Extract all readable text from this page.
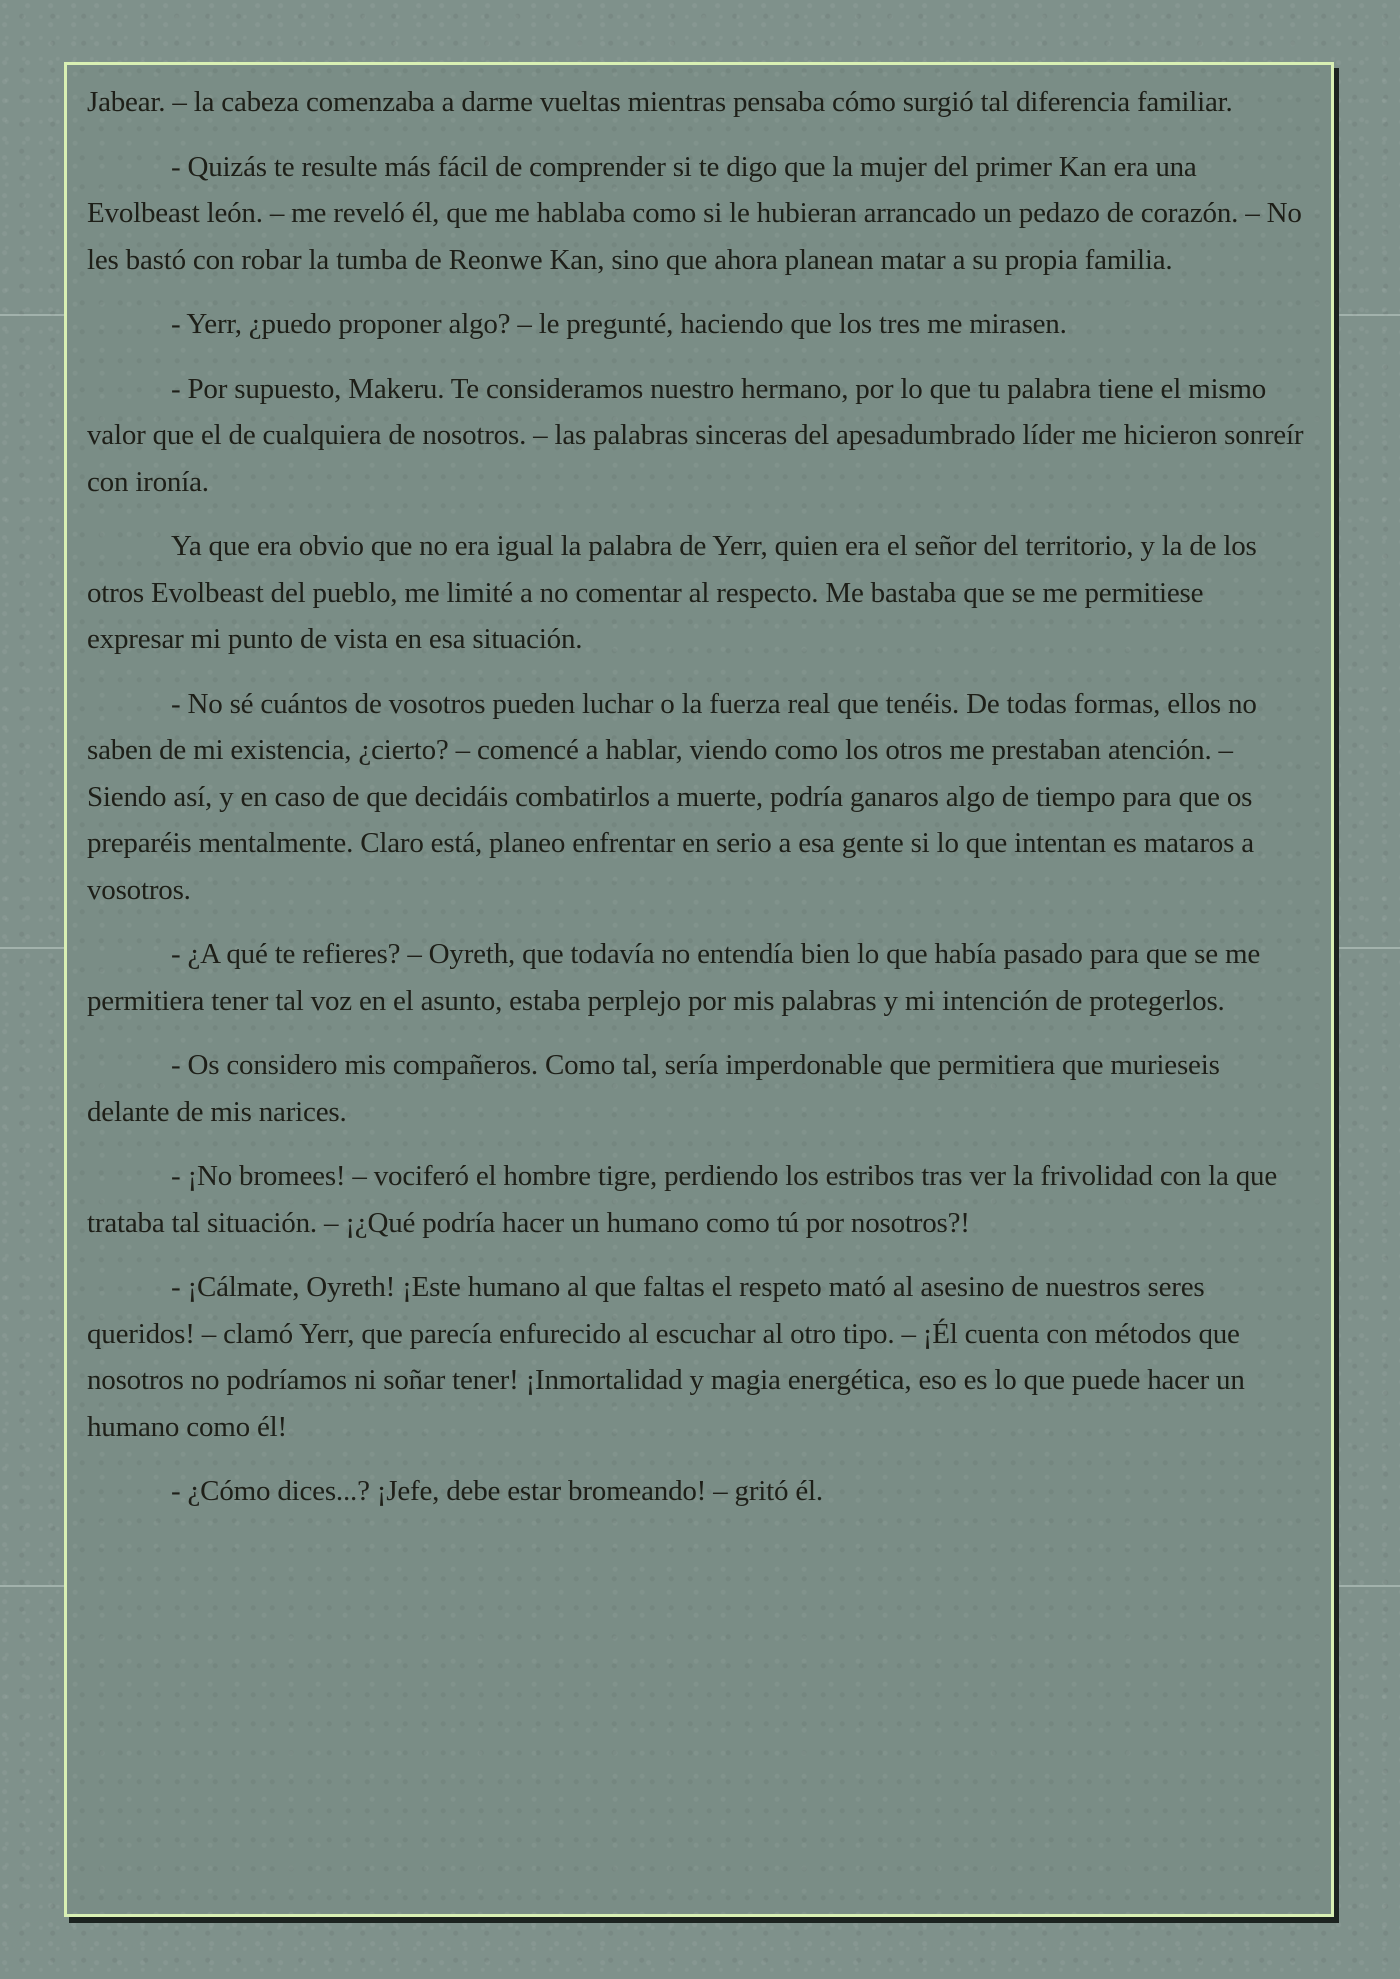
Jabear. – la cabeza comenzaba a darme vueltas mientras pensaba cómo surgió tal diferencia familiar.

- Quizás te resulte más fácil de comprender si te digo que la mujer del primer Kan era una Evolbeast león. – me reveló él, que me hablaba como si le hubieran arrancado un pedazo de corazón. – No les bastó con robar la tumba de Reonwe Kan, sino que ahora planean matar a su propia familia.

- Yerr, ¿puedo proponer algo? – le pregunté, haciendo que los tres me mirasen.

- Por supuesto, Makeru. Te consideramos nuestro hermano, por lo que tu palabra tiene el mismo valor que el de cualquiera de nosotros. – las palabras sinceras del apesadumbrado líder me hicieron sonreír con ironía.

Ya que era obvio que no era igual la palabra de Yerr, quien era el señor del territorio, y la de los otros Evolbeast del pueblo, me limité a no comentar al respecto. Me bastaba que se me permitiese expresar mi punto de vista en esa situación.

- No sé cuántos de vosotros pueden luchar o la fuerza real que tenéis. De todas formas, ellos no saben de mi existencia, ¿cierto? – comencé a hablar, viendo como los otros me prestaban atención. – Siendo así, y en caso de que decidáis combatirlos a muerte, podría ganaros algo de tiempo para que os preparéis mentalmente. Claro está, planeo enfrentar en serio a esa gente si lo que intentan es mataros a vosotros.

- ¿A qué te refieres? – Oyreth, que todavía no entendía bien lo que había pasado para que se me permitiera tener tal voz en el asunto, estaba perplejo por mis palabras y mi intención de protegerlos.

- Os considero mis compañeros. Como tal, sería imperdonable que permitiera que murieseis delante de mis narices.

- ¡No bromees! – vociferó el hombre tigre, perdiendo los estribos tras ver la frivolidad con la que trataba tal situación. – ¡¿Qué podría hacer un humano como tú por nosotros?!

- ¡Cálmate, Oyreth! ¡Este humano al que faltas el respeto mató al asesino de nuestros seres queridos! – clamó Yerr, que parecía enfurecido al escuchar al otro tipo. – ¡Él cuenta con métodos que nosotros no podríamos ni soñar tener! ¡Inmortalidad y magia energética, eso es lo que puede hacer un humano como él!

- ¿Cómo dices...? ¡Jefe, debe estar bromeando! – gritó él.
